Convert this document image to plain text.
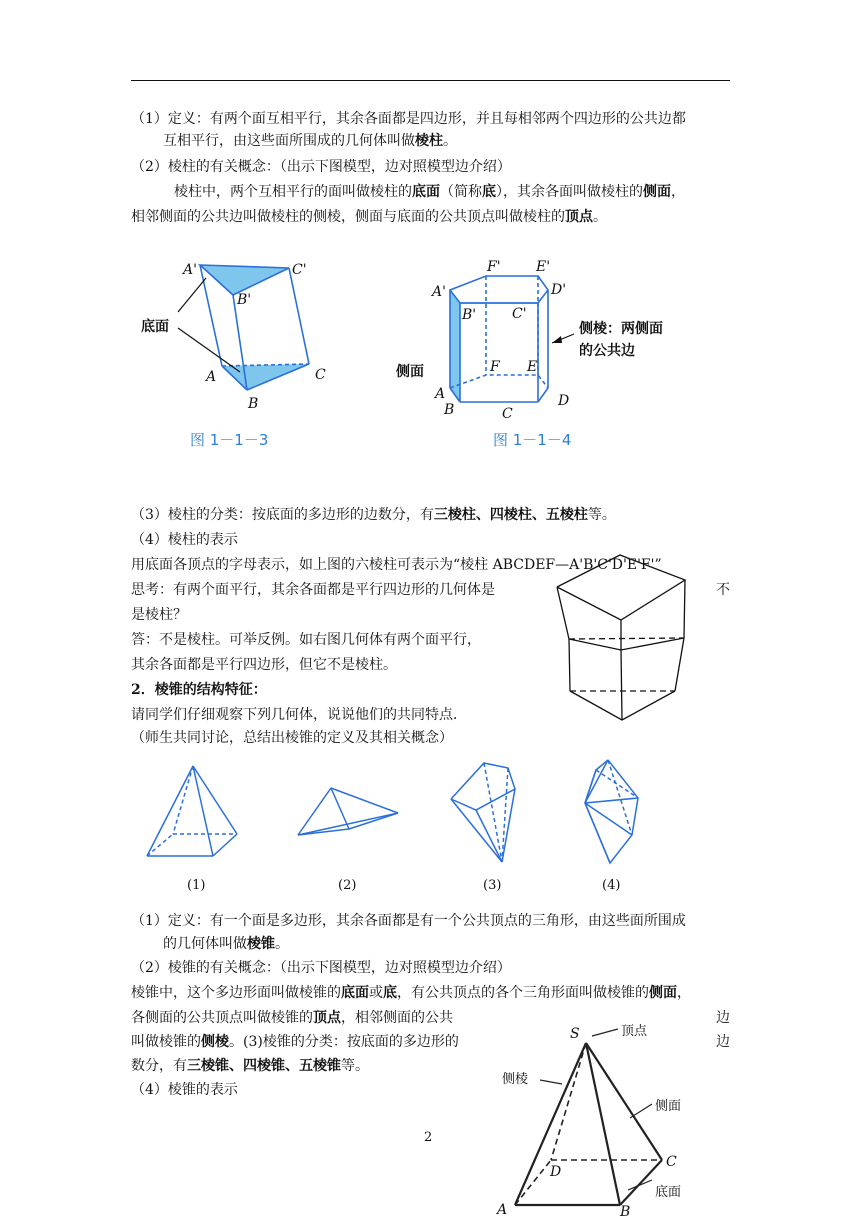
（1）定义：有两个面互相平行，其余各面都是四边形，并且每相邻两个四边形的公共边都
互相平行，由这些面所围成的几何体叫做棱柱。
（2）棱柱的有关概念：（出示下图模型，边对照模型边介绍）
棱柱中，两个互相平行的面叫做棱柱的底面（简称底），其余各面叫做棱柱的侧面，
相邻侧面的公共边叫做棱柱的侧棱，侧面与底面的公共顶点叫做棱柱的顶点。
A'	C'
B'
A	C
B
底面
图 1－1－3
F'	E'
A'	D'
B'	C'
F E
A	D
B	C
侧面
侧棱：两侧面
的公共边
图 1－1－4
(1)	(2)	(3)	(4)
S
A	B
C
D
顶点
侧棱
侧面
底面
（3）棱柱的分类：按底面的多边形的边数分，有三棱柱、四棱柱、五棱柱等。
（4）棱柱的表示
用底面各顶点的字母表示，如上图的六棱柱可表示为“棱柱 ABCDEF—A'B'C'D'E'F'”
思考：有两个面平行，其余各面都是平行四边形的几何体是	不
是棱柱？
答：不是棱柱。可举反例。如右图几何体有两个面平行，
其余各面都是平行四边形，但它不是棱柱。
2．棱锥的结构特征：
请同学们仔细观察下列几何体，说说他们的共同特点．
（师生共同讨论，总结出棱锥的定义及其相关概念）
（1）定义：有一个面是多边形，其余各面都是有一个公共顶点的三角形，由这些面所围成
的几何体叫做棱锥。
（2）棱锥的有关概念：（出示下图模型，边对照模型边介绍）
棱锥中，这个多边形面叫做棱锥的底面或底，有公共顶点的各个三角形面叫做棱锥的侧面，
各侧面的公共顶点叫做棱锥的顶点，相邻侧面的公共	边
叫做棱锥的侧棱。(3)棱锥的分类：按底面的多边形的	边
数分，有三棱锥、四棱锥、五棱锥等。
（4）棱锥的表示
2
